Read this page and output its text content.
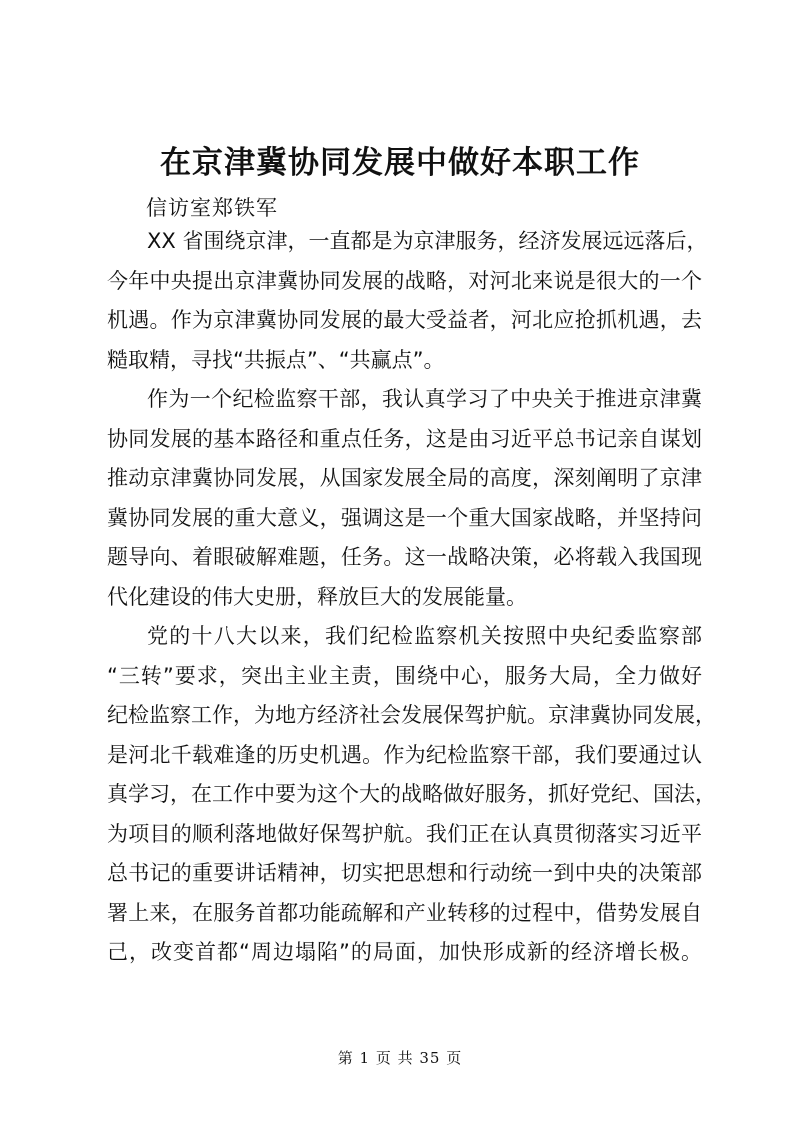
在京津冀协同发展中做好本职工作
信访室郑铁军

XX 省围绕京津，一直都是为京津服务，经济发展远远落后，
今年中央提出京津冀协同发展的战略，对河北来说是很大的一个
机遇。作为京津冀协同发展的最大受益者，河北应抢抓机遇，去
糙取精，寻找“共振点”、“共赢点”。

作为一个纪检监察干部，我认真学习了中央关于推进京津冀
协同发展的基本路径和重点任务，这是由习近平总书记亲自谋划
推动京津冀协同发展，从国家发展全局的高度，深刻阐明了京津
冀协同发展的重大意义，强调这是一个重大国家战略，并坚持问
题导向、着眼破解难题，任务。这一战略决策，必将载入我国现
代化建设的伟大史册，释放巨大的发展能量。

党的十八大以来，我们纪检监察机关按照中央纪委监察部
“三转”要求，突出主业主责，围绕中心，服务大局，全力做好
纪检监察工作，为地方经济社会发展保驾护航。京津冀协同发展，
是河北千载难逢的历史机遇。作为纪检监察干部，我们要通过认
真学习，在工作中要为这个大的战略做好服务，抓好党纪、国法，
为项目的顺利落地做好保驾护航。我们正在认真贯彻落实习近平
总书记的重要讲话精神，切实把思想和行动统一到中央的决策部
署上来，在服务首都功能疏解和产业转移的过程中，借势发展自
己，改变首都“周边塌陷”的局面，加快形成新的经济增长极。

第 1 页 共 35 页
